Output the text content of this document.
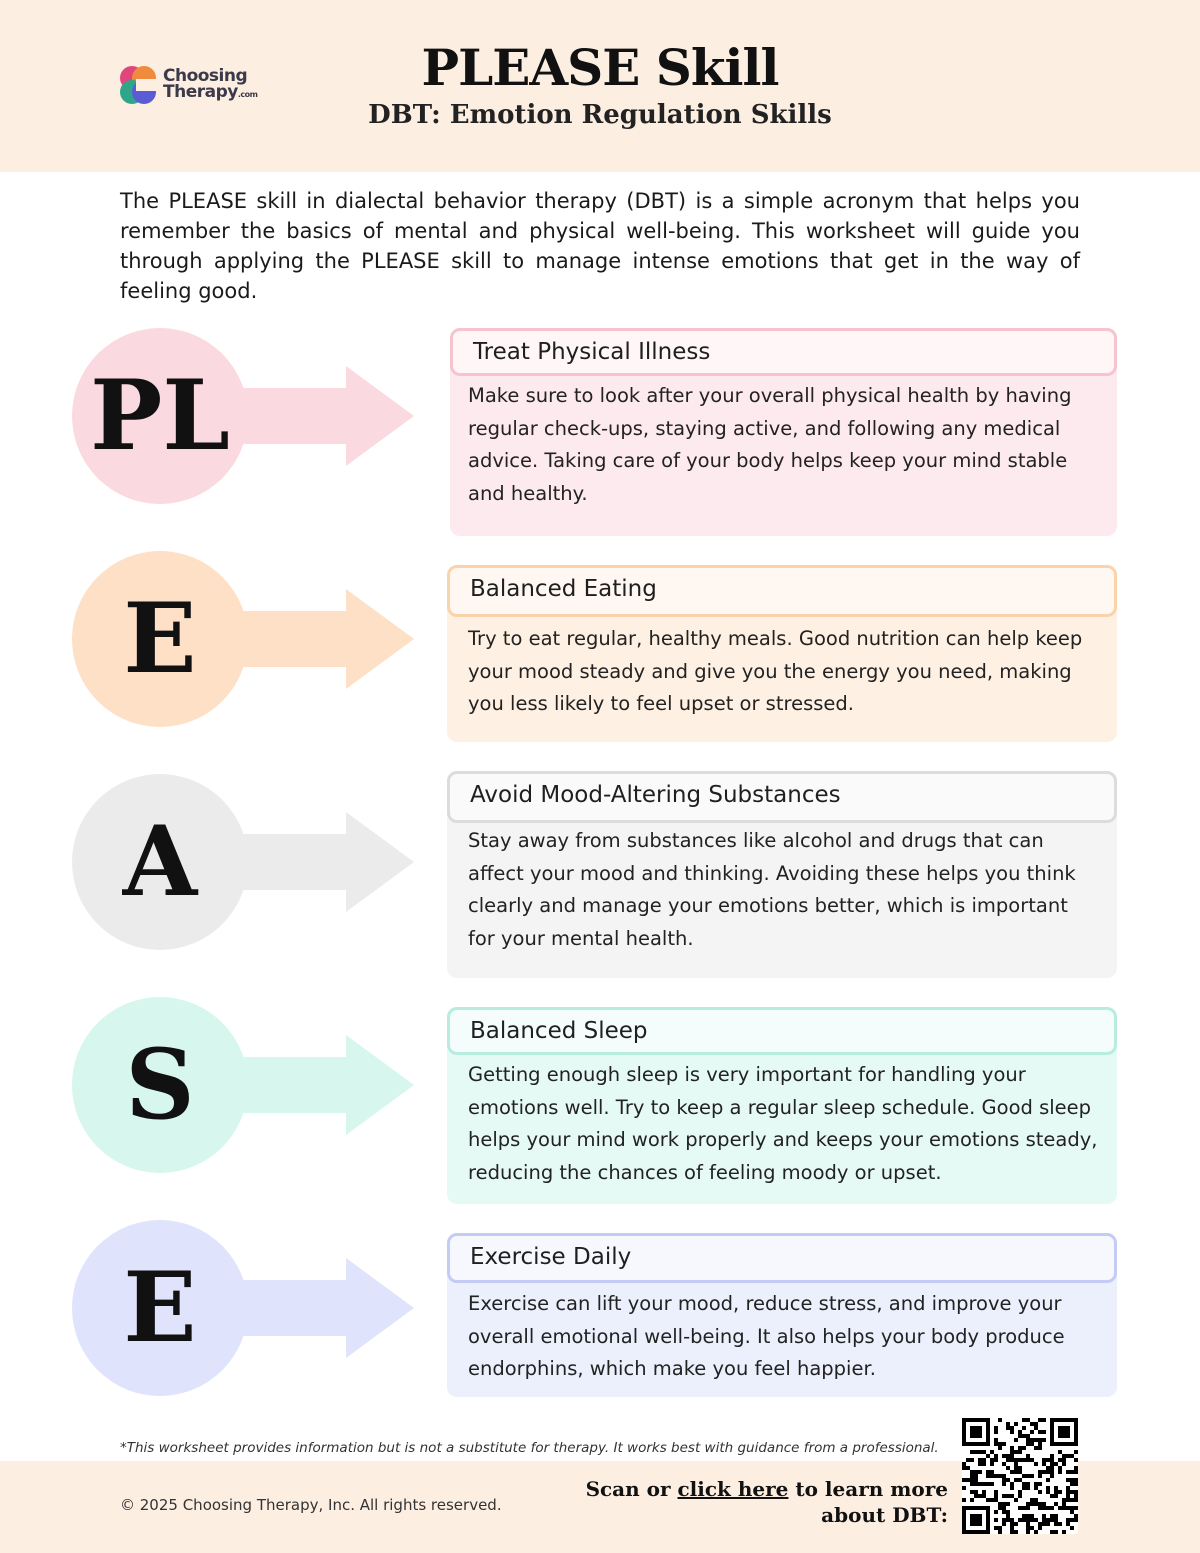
Choosing
Therapy.com	PLEASE Skill
DBT: Emotion Regulation Skills
The PLEASE skill in dialectal behavior therapy (DBT) is a simple acronym that helps you remember the basics of mental and physical well-being. This worksheet will guide you through applying the PLEASE skill to manage intense emotions that get in the way of feeling good.
PL
Treat Physical Illness
Make sure to look after your overall physical health by having regular check-ups, staying active, and following any medical advice. Taking care of your body helps keep your mind stable and healthy.
E	Balanced Eating
Try to eat regular, healthy meals. Good nutrition can help keep your mood steady and give you the energy you need, making you less likely to feel upset or stressed.
A
Avoid Mood-Altering Substances
Stay away from substances like alcohol and drugs that can affect your mood and thinking. Avoiding these helps you think clearly and manage your emotions better, which is important for your mental health.
S	Balanced Sleep
Getting enough sleep is very important for handling your emotions well. Try to keep a regular sleep schedule. Good sleep helps your mind work properly and keeps your emotions steady, reducing the chances of feeling moody or upset.
E	Exercise Daily
Exercise can lift your mood, reduce stress, and improve your overall emotional well-being. It also helps your body produce endorphins, which make you feel happier.
*This worksheet provides information but is not a substitute for therapy. It works best with guidance from a professional.
© 2025 Choosing Therapy, Inc. All rights reserved.
Scan or click here to learn more
about DBT:
